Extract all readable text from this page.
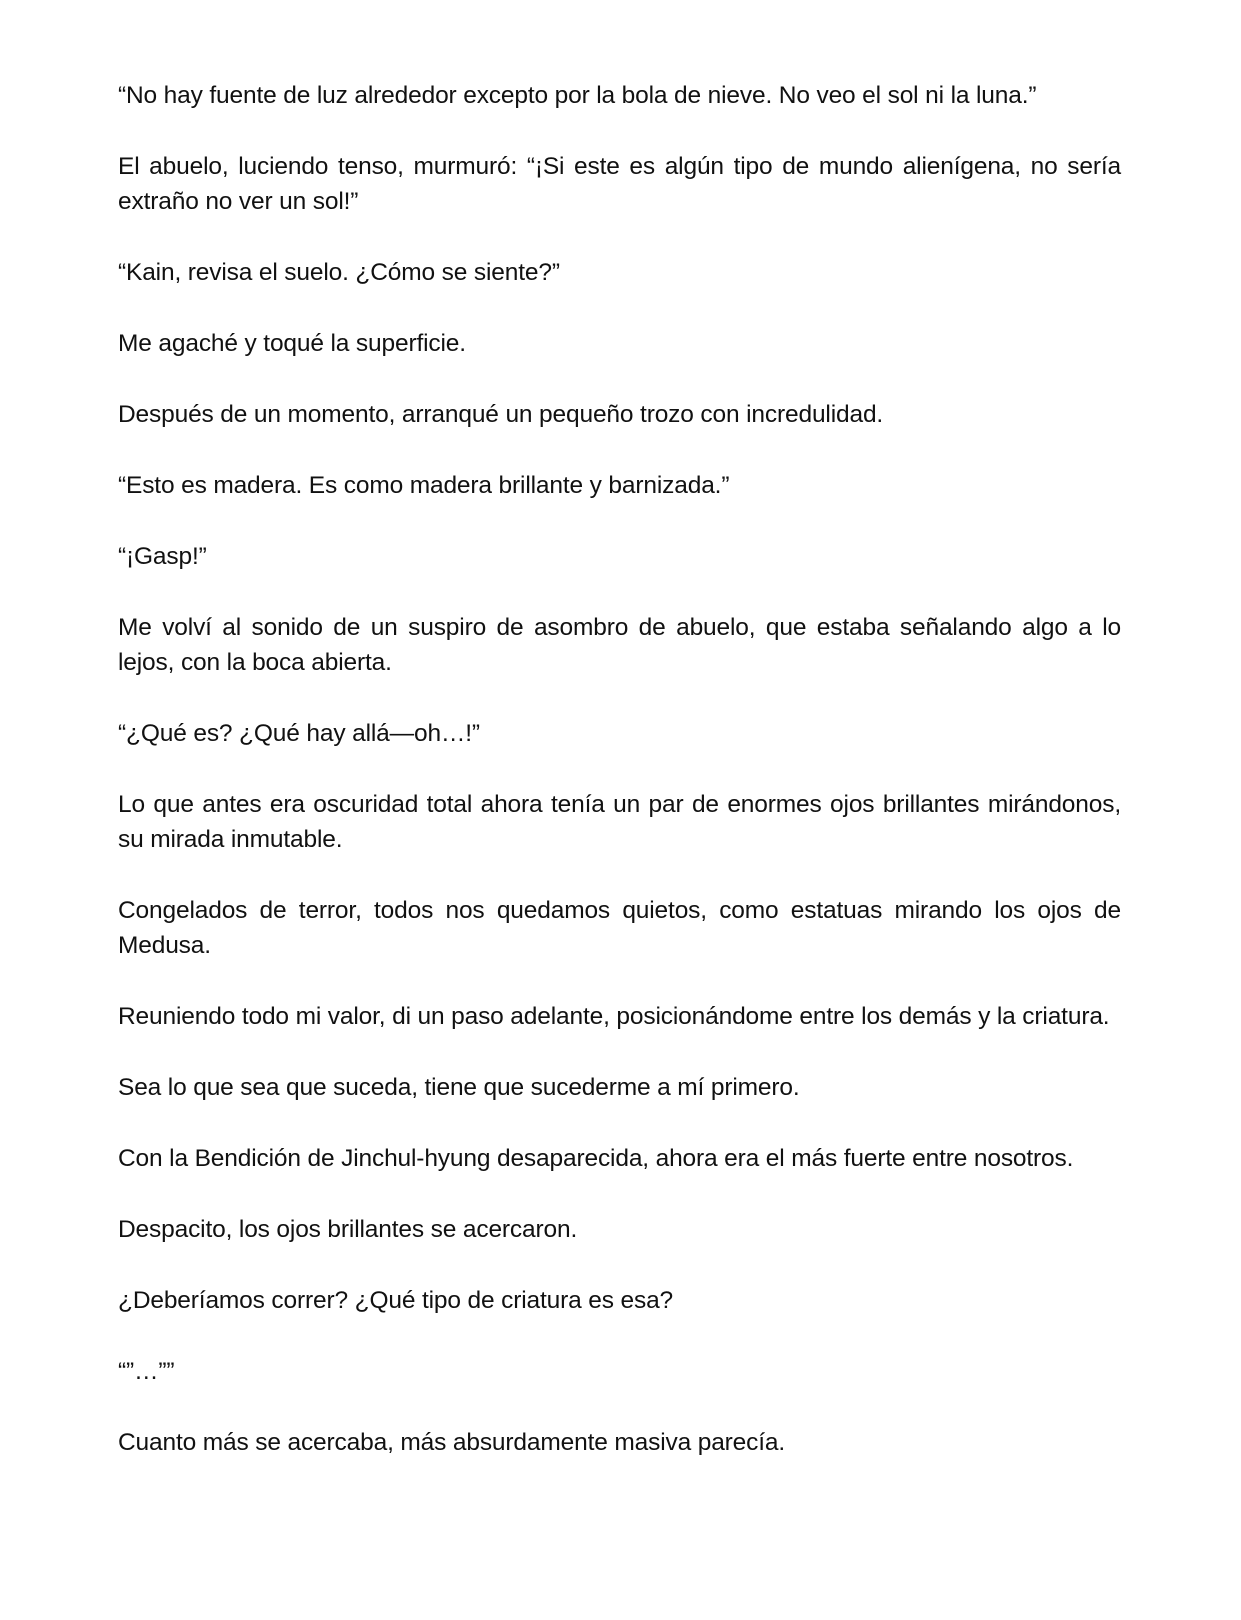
“No hay fuente de luz alrededor excepto por la bola de nieve. No veo el sol ni la luna.”

El abuelo, luciendo tenso, murmuró: “¡Si este es algún tipo de mundo alienígena, no sería extraño no ver un sol!”

“Kain, revisa el suelo. ¿Cómo se siente?”

Me agaché y toqué la superficie.

Después de un momento, arranqué un pequeño trozo con incredulidad.

“Esto es madera. Es como madera brillante y barnizada.”

“¡Gasp!”

Me volví al sonido de un suspiro de asombro de abuelo, que estaba señalando algo a lo lejos, con la boca abierta.

“¿Qué es? ¿Qué hay allá—oh…!”

Lo que antes era oscuridad total ahora tenía un par de enormes ojos brillantes mirándonos, su mirada inmutable.

Congelados de terror, todos nos quedamos quietos, como estatuas mirando los ojos de Medusa.

Reuniendo todo mi valor, di un paso adelante, posicionándome entre los demás y la criatura.

Sea lo que sea que suceda, tiene que sucederme a mí primero.

Con la Bendición de Jinchul-hyung desaparecida, ahora era el más fuerte entre nosotros.

Despacito, los ojos brillantes se acercaron.

¿Deberíamos correr? ¿Qué tipo de criatura es esa?

“”…””

Cuanto más se acercaba, más absurdamente masiva parecía.
